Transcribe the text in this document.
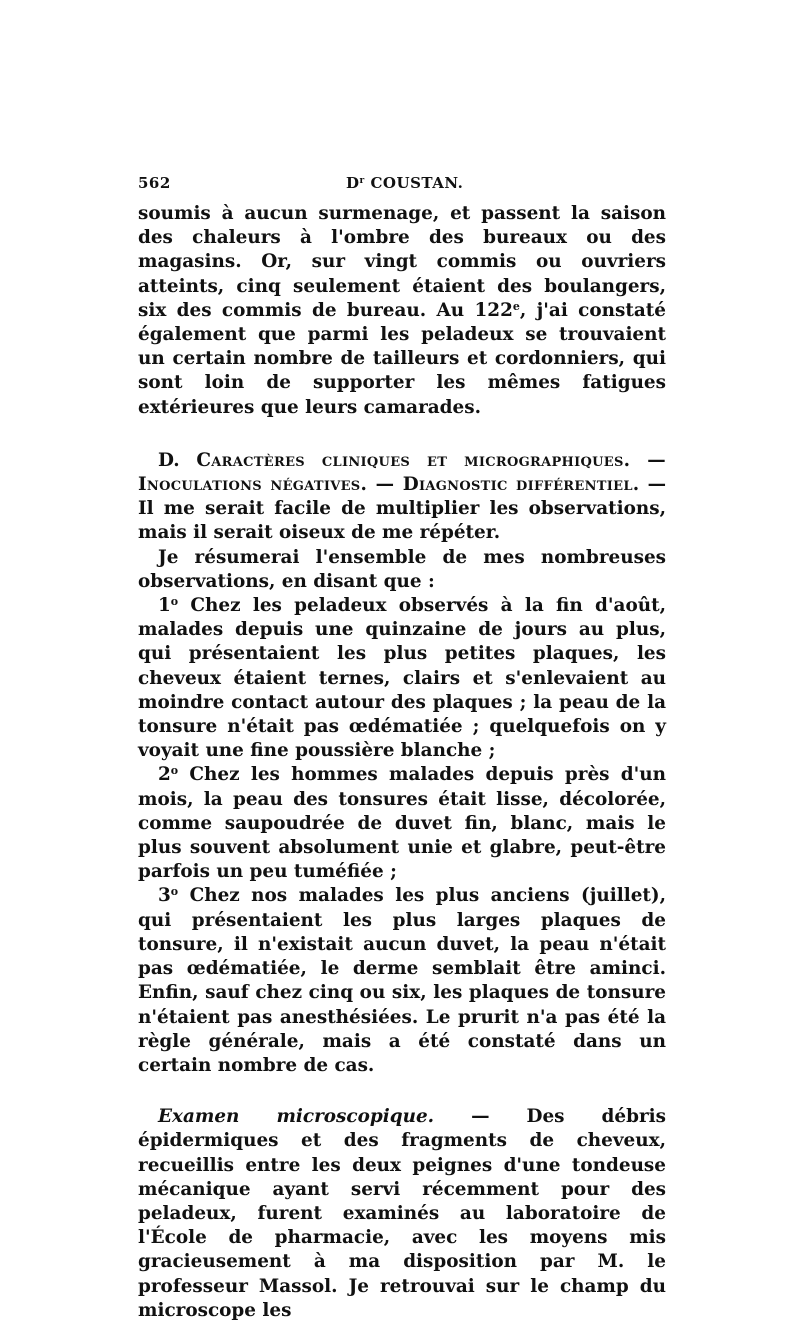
562	$D^r$ COUSTAN.

soumis à aucun surmenage, et passent la saison des chaleurs à l'ombre des bureaux ou des magasins. Or, sur vingt commis ou ouvriers atteints, cinq seulement étaient des boulangers, six des commis de bureau. Au 122e, j'ai constaté également que parmi les peladeux se trouvaient un certain nombre de tailleurs et cordonniers, qui sont loin de supporter les mêmes fatigues extérieures que leurs camarades.

D. Caractères cliniques et micrographiques. — Inoculations négatives. — Diagnostic différentiel. — Il me serait facile de multiplier les observations, mais il serait oiseux de me répéter.

Je résumerai l'ensemble de mes nombreuses observations, en disant que :

1$^o$ Chez les peladeux observés à la fin d'août, malades depuis une quinzaine de jours au plus, qui présentaient les plus petites plaques, les cheveux étaient ternes, clairs et s'enlevaient au moindre contact autour des plaques ; la peau de la tonsure n'était pas œdématiée ; quelquefois on y voyait une fine poussière blanche ;

2$^o$ Chez les hommes malades depuis près d'un mois, la peau des tonsures était lisse, décolorée, comme saupoudrée de duvet fin, blanc, mais le plus souvent absolument unie et glabre, peut-être parfois un peu tuméfiée ;

3$^o$ Chez nos malades les plus anciens (juillet), qui présentaient les plus larges plaques de tonsure, il n'existait aucun duvet, la peau n'était pas œdématiée, le derme semblait être aminci. Enfin, sauf chez cinq ou six, les plaques de tonsure n'étaient pas anesthésiées. Le prurit n'a pas été la règle générale, mais a été constaté dans un certain nombre de cas.

Examen microscopique. — Des débris épidermiques et des fragments de cheveux, recueillis entre les deux peignes d'une tondeuse mécanique ayant servi récemment pour des peladeux, furent examinés au laboratoire de l'École de pharmacie, avec les moyens mis gracieusement à ma disposition par M. le professeur Massol. Je retrouvai sur le champ du microscope les
